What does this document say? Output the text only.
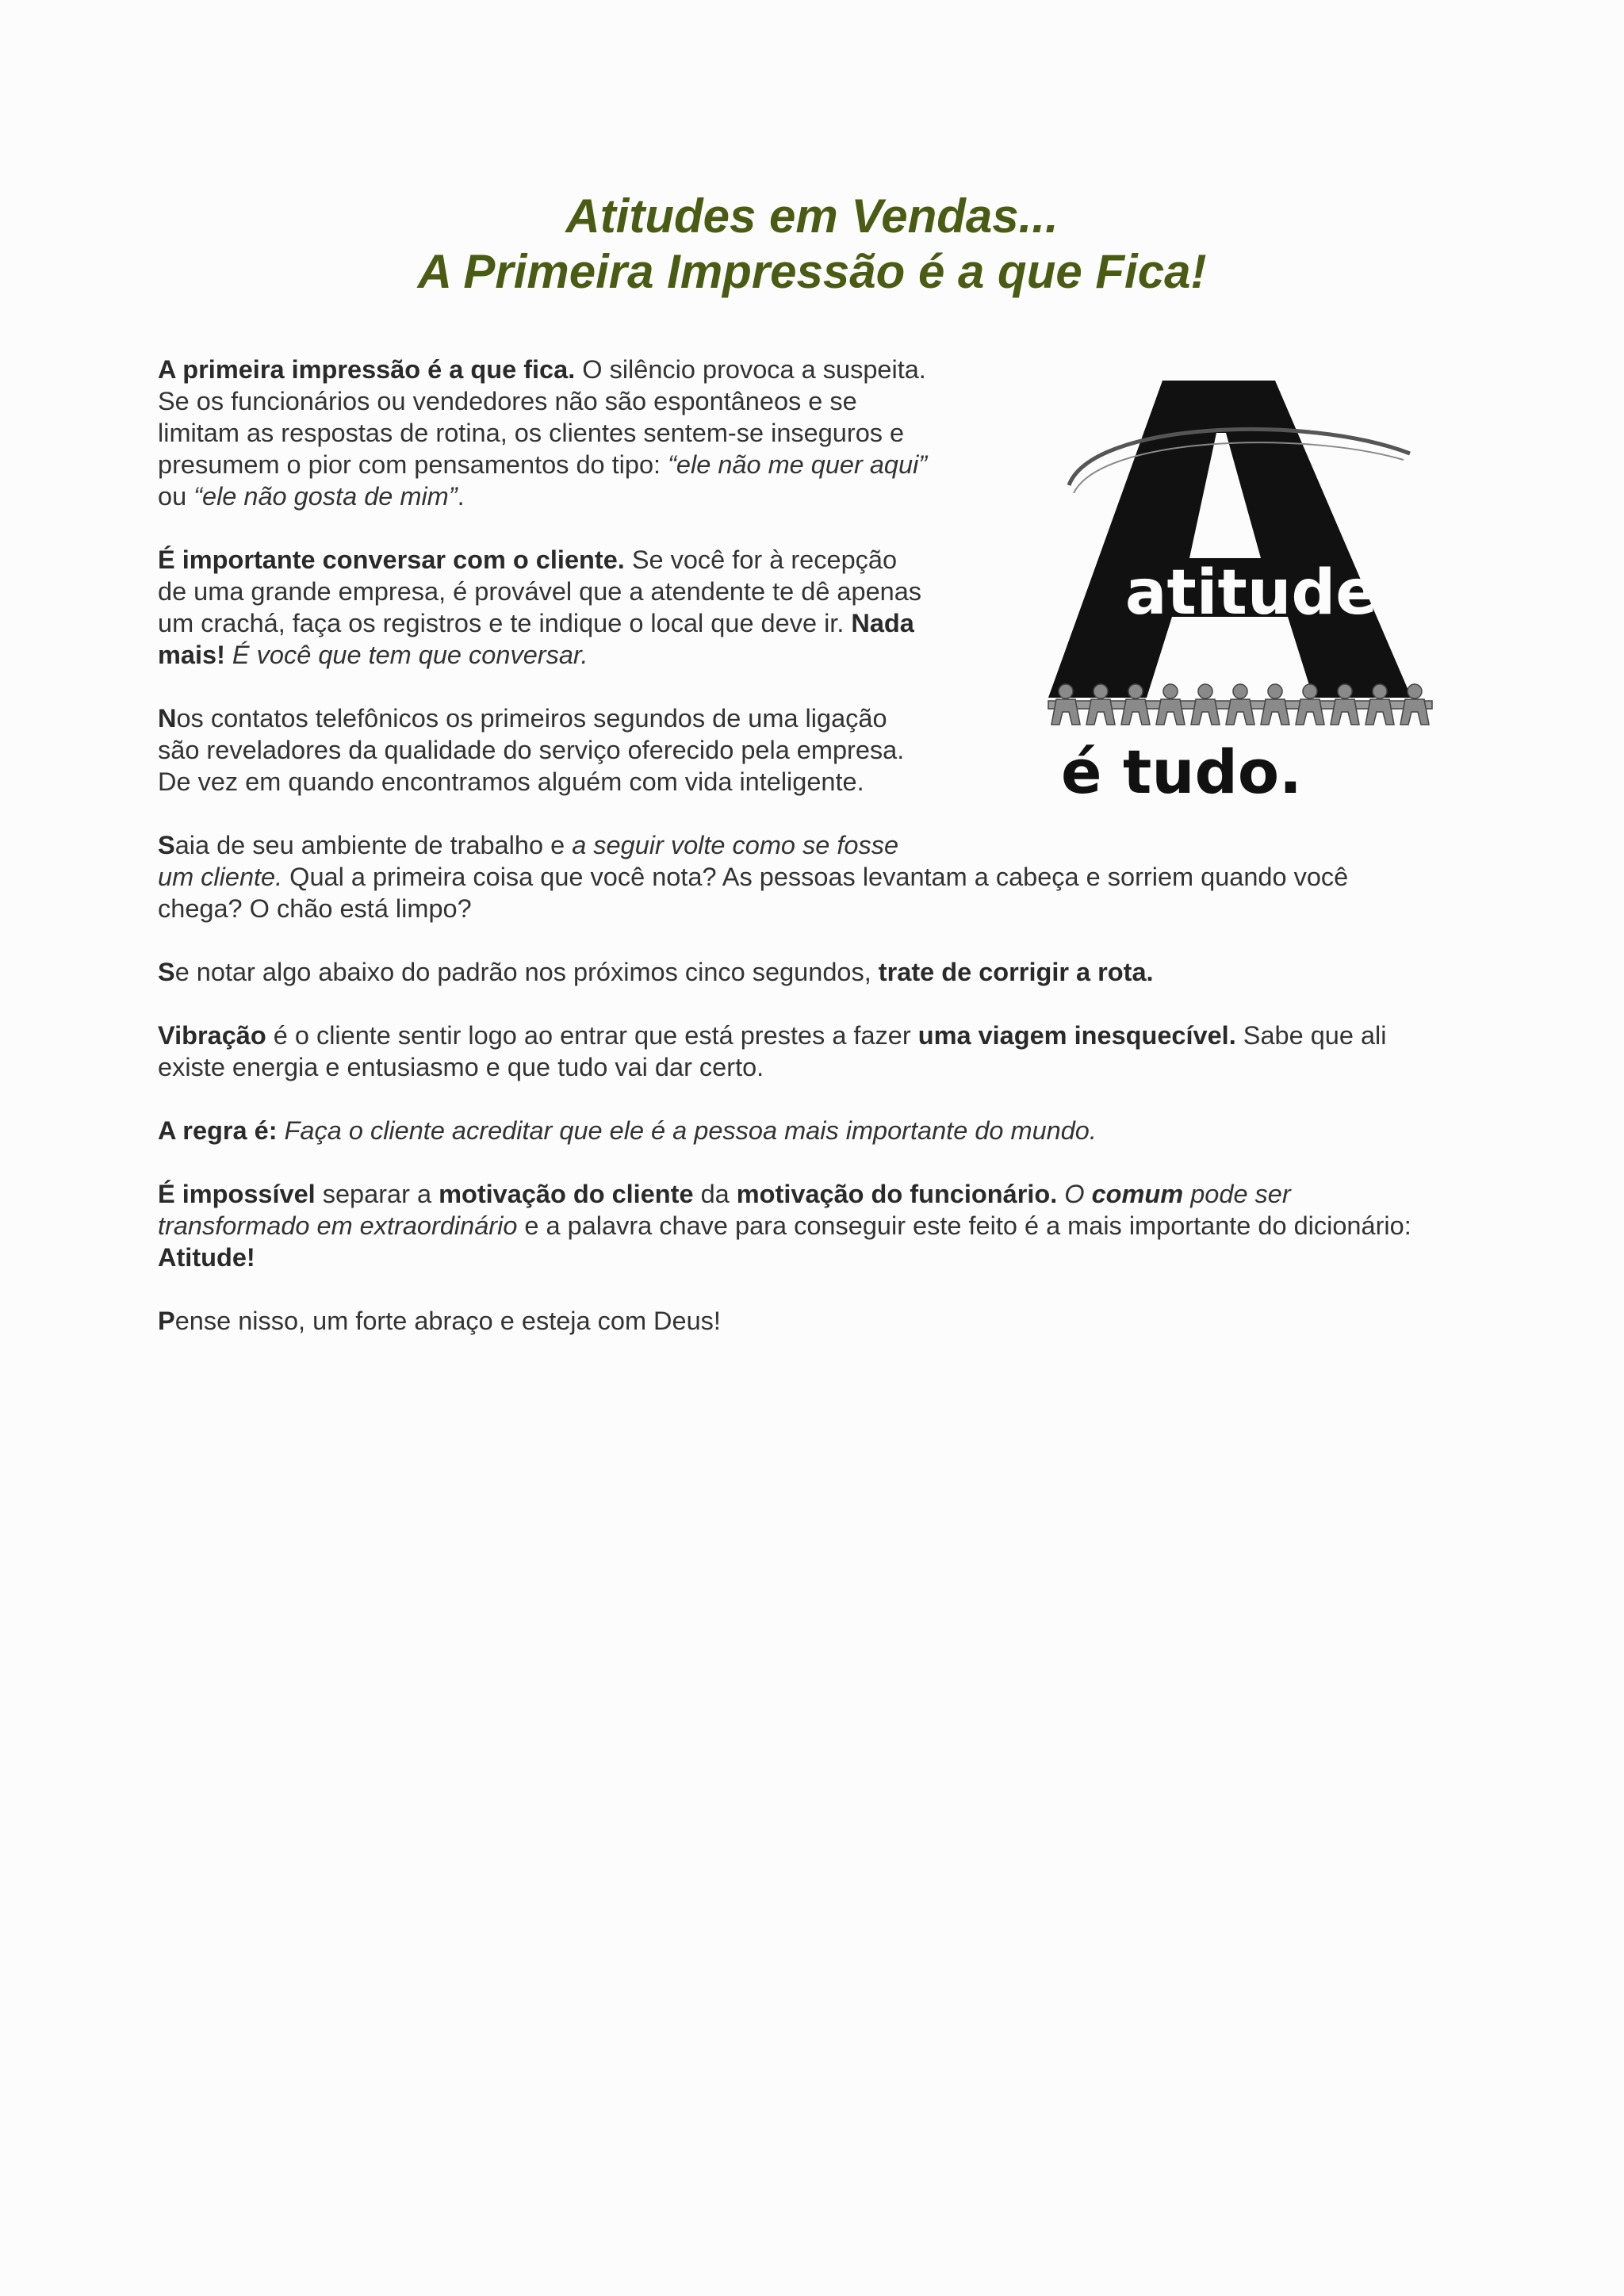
Atitudes em Vendas...
A Primeira Impressão é a que Fica!
atitude
é tudo.

A primeira impressão é a que fica. O silêncio provoca a suspeita.
Se os funcionários ou vendedores não são espontâneos e se
limitam as respostas de rotina, os clientes sentem-se inseguros e
presumem o pior com pensamentos do tipo: “ele não me quer aqui”
ou “ele não gosta de mim”.

É importante conversar com o cliente. Se você for à recepção
de uma grande empresa, é provável que a atendente te dê apenas
um crachá, faça os registros e te indique o local que deve ir. Nada
mais! É você que tem que conversar.

Nos contatos telefônicos os primeiros segundos de uma ligação
são reveladores da qualidade do serviço oferecido pela empresa.
De vez em quando encontramos alguém com vida inteligente.

Saia de seu ambiente de trabalho e a seguir volte como se fosse
um cliente. Qual a primeira coisa que você nota? As pessoas levantam a cabeça e sorriem quando você
chega? O chão está limpo?

Se notar algo abaixo do padrão nos próximos cinco segundos, trate de corrigir a rota.

Vibração é o cliente sentir logo ao entrar que está prestes a fazer uma viagem inesquecível. Sabe que ali
existe energia e entusiasmo e que tudo vai dar certo.

A regra é: Faça o cliente acreditar que ele é a pessoa mais importante do mundo.

É impossível separar a motivação do cliente da motivação do funcionário. O comum pode ser
transformado em extraordinário e a palavra chave para conseguir este feito é a mais importante do dicionário:
Atitude!

Pense nisso, um forte abraço e esteja com Deus!
